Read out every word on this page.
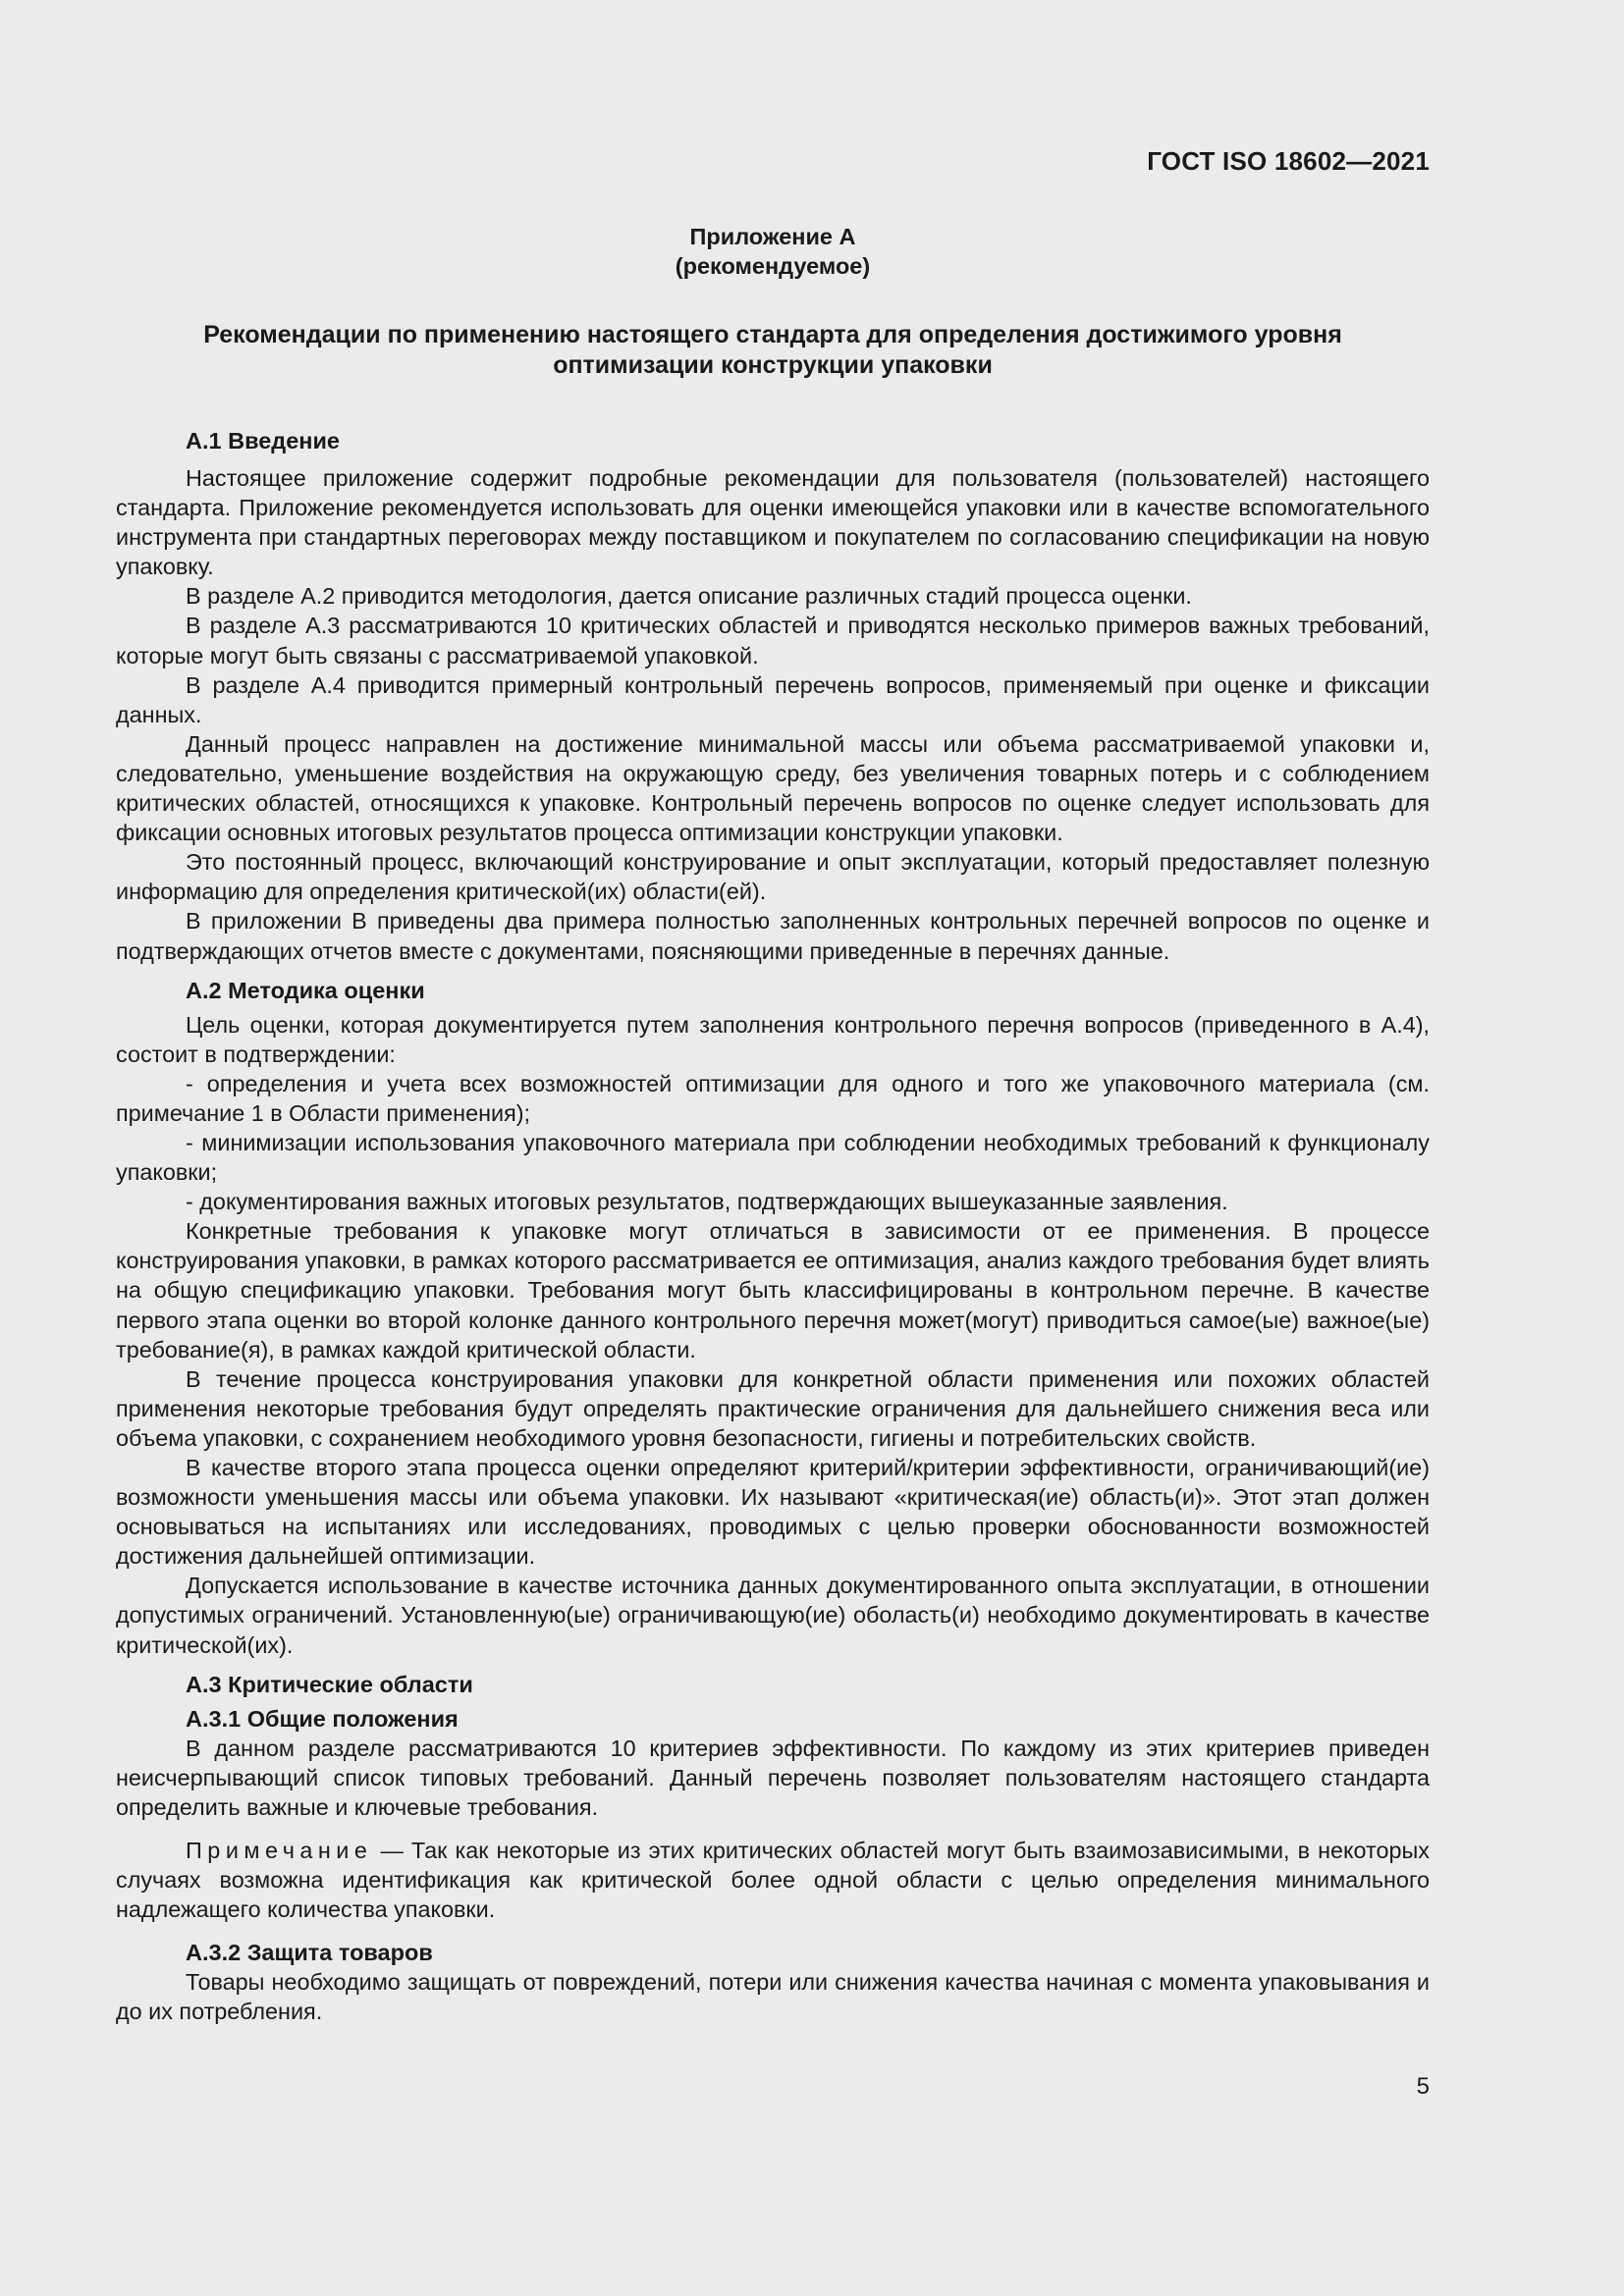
ГОСТ ISO 18602—2021
Приложение А
(рекомендуемое)
Рекомендации по применению настоящего стандарта для определения достижимого уровня
оптимизации конструкции упаковки
А.1 Введение

Настоящее приложение содержит подробные рекомендации для пользователя (пользователей) настоящего стандарта. Приложение рекомендуется использовать для оценки имеющейся упаковки или в качестве вспомогательного инструмента при стандартных переговорах между поставщиком и покупателем по согласованию спецификации на новую упаковку.

В разделе А.2 приводится методология, дается описание различных стадий процесса оценки.

В разделе А.3 рассматриваются 10 критических областей и приводятся несколько примеров важных требований, которые могут быть связаны с рассматриваемой упаковкой.

В разделе А.4 приводится примерный контрольный перечень вопросов, применяемый при оценке и фиксации данных.

Данный процесс направлен на достижение минимальной массы или объема рассматриваемой упаковки и, следовательно, уменьшение воздействия на окружающую среду, без увеличения товарных потерь и с соблюдением критических областей, относящихся к упаковке. Контрольный перечень вопросов по оценке следует использовать для фиксации основных итоговых результатов процесса оптимизации конструкции упаковки.

Это постоянный процесс, включающий конструирование и опыт эксплуатации, который предоставляет полезную информацию для определения критической(их) области(ей).

В приложении В приведены два примера полностью заполненных контрольных перечней вопросов по оценке и подтверждающих отчетов вместе с документами, поясняющими приведенные в перечнях данные.

А.2 Методика оценки

Цель оценки, которая документируется путем заполнения контрольного перечня вопросов (приведенного в А.4), состоит в подтверждении:

- определения и учета всех возможностей оптимизации для одного и того же упаковочного материала (см. примечание 1 в Области применения);

- минимизации использования упаковочного материала при соблюдении необходимых требований к функционалу упаковки;

- документирования важных итоговых результатов, подтверждающих вышеуказанные заявления.

Конкретные требования к упаковке могут отличаться в зависимости от ее применения. В процессе конструирования упаковки, в рамках которого рассматривается ее оптимизация, анализ каждого требования будет влиять на общую спецификацию упаковки. Требования могут быть классифицированы в контрольном перечне. В качестве первого этапа оценки во второй колонке данного контрольного перечня может(могут) приводиться самое(ые) важное(ые) требование(я), в рамках каждой критической области.

В течение процесса конструирования упаковки для конкретной области применения или похожих областей применения некоторые требования будут определять практические ограничения для дальнейшего снижения веса или объема упаковки, с сохранением необходимого уровня безопасности, гигиены и потребительских свойств.

В качестве второго этапа процесса оценки определяют критерий/критерии эффективности, ограничивающий(ие) возможности уменьшения массы или объема упаковки. Их называют «критическая(ие) область(и)». Этот этап должен основываться на испытаниях или исследованиях, проводимых с целью проверки обоснованности возможностей достижения дальнейшей оптимизации.

Допускается использование в качестве источника данных документированного опыта эксплуатации, в отношении допустимых ограничений. Установленную(ые) ограничивающую(ие) оболасть(и) необходимо документировать в качестве критической(их).

А.3 Критические области
А.3.1 Общие положения

В данном разделе рассматриваются 10 критериев эффективности. По каждому из этих критериев приведен неисчерпывающий список типовых требований. Данный перечень позволяет пользователям настоящего стандарта определить важные и ключевые требования.

Примечание — Так как некоторые из этих критических областей могут быть взаимозависимыми, в некоторых случаях возможна идентификация как критической более одной области с целью определения минимального надлежащего количества упаковки.

А.3.2 Защита товаров

Товары необходимо защищать от повреждений, потери или снижения качества начиная с момента упаковывания и до их потребления.

5
